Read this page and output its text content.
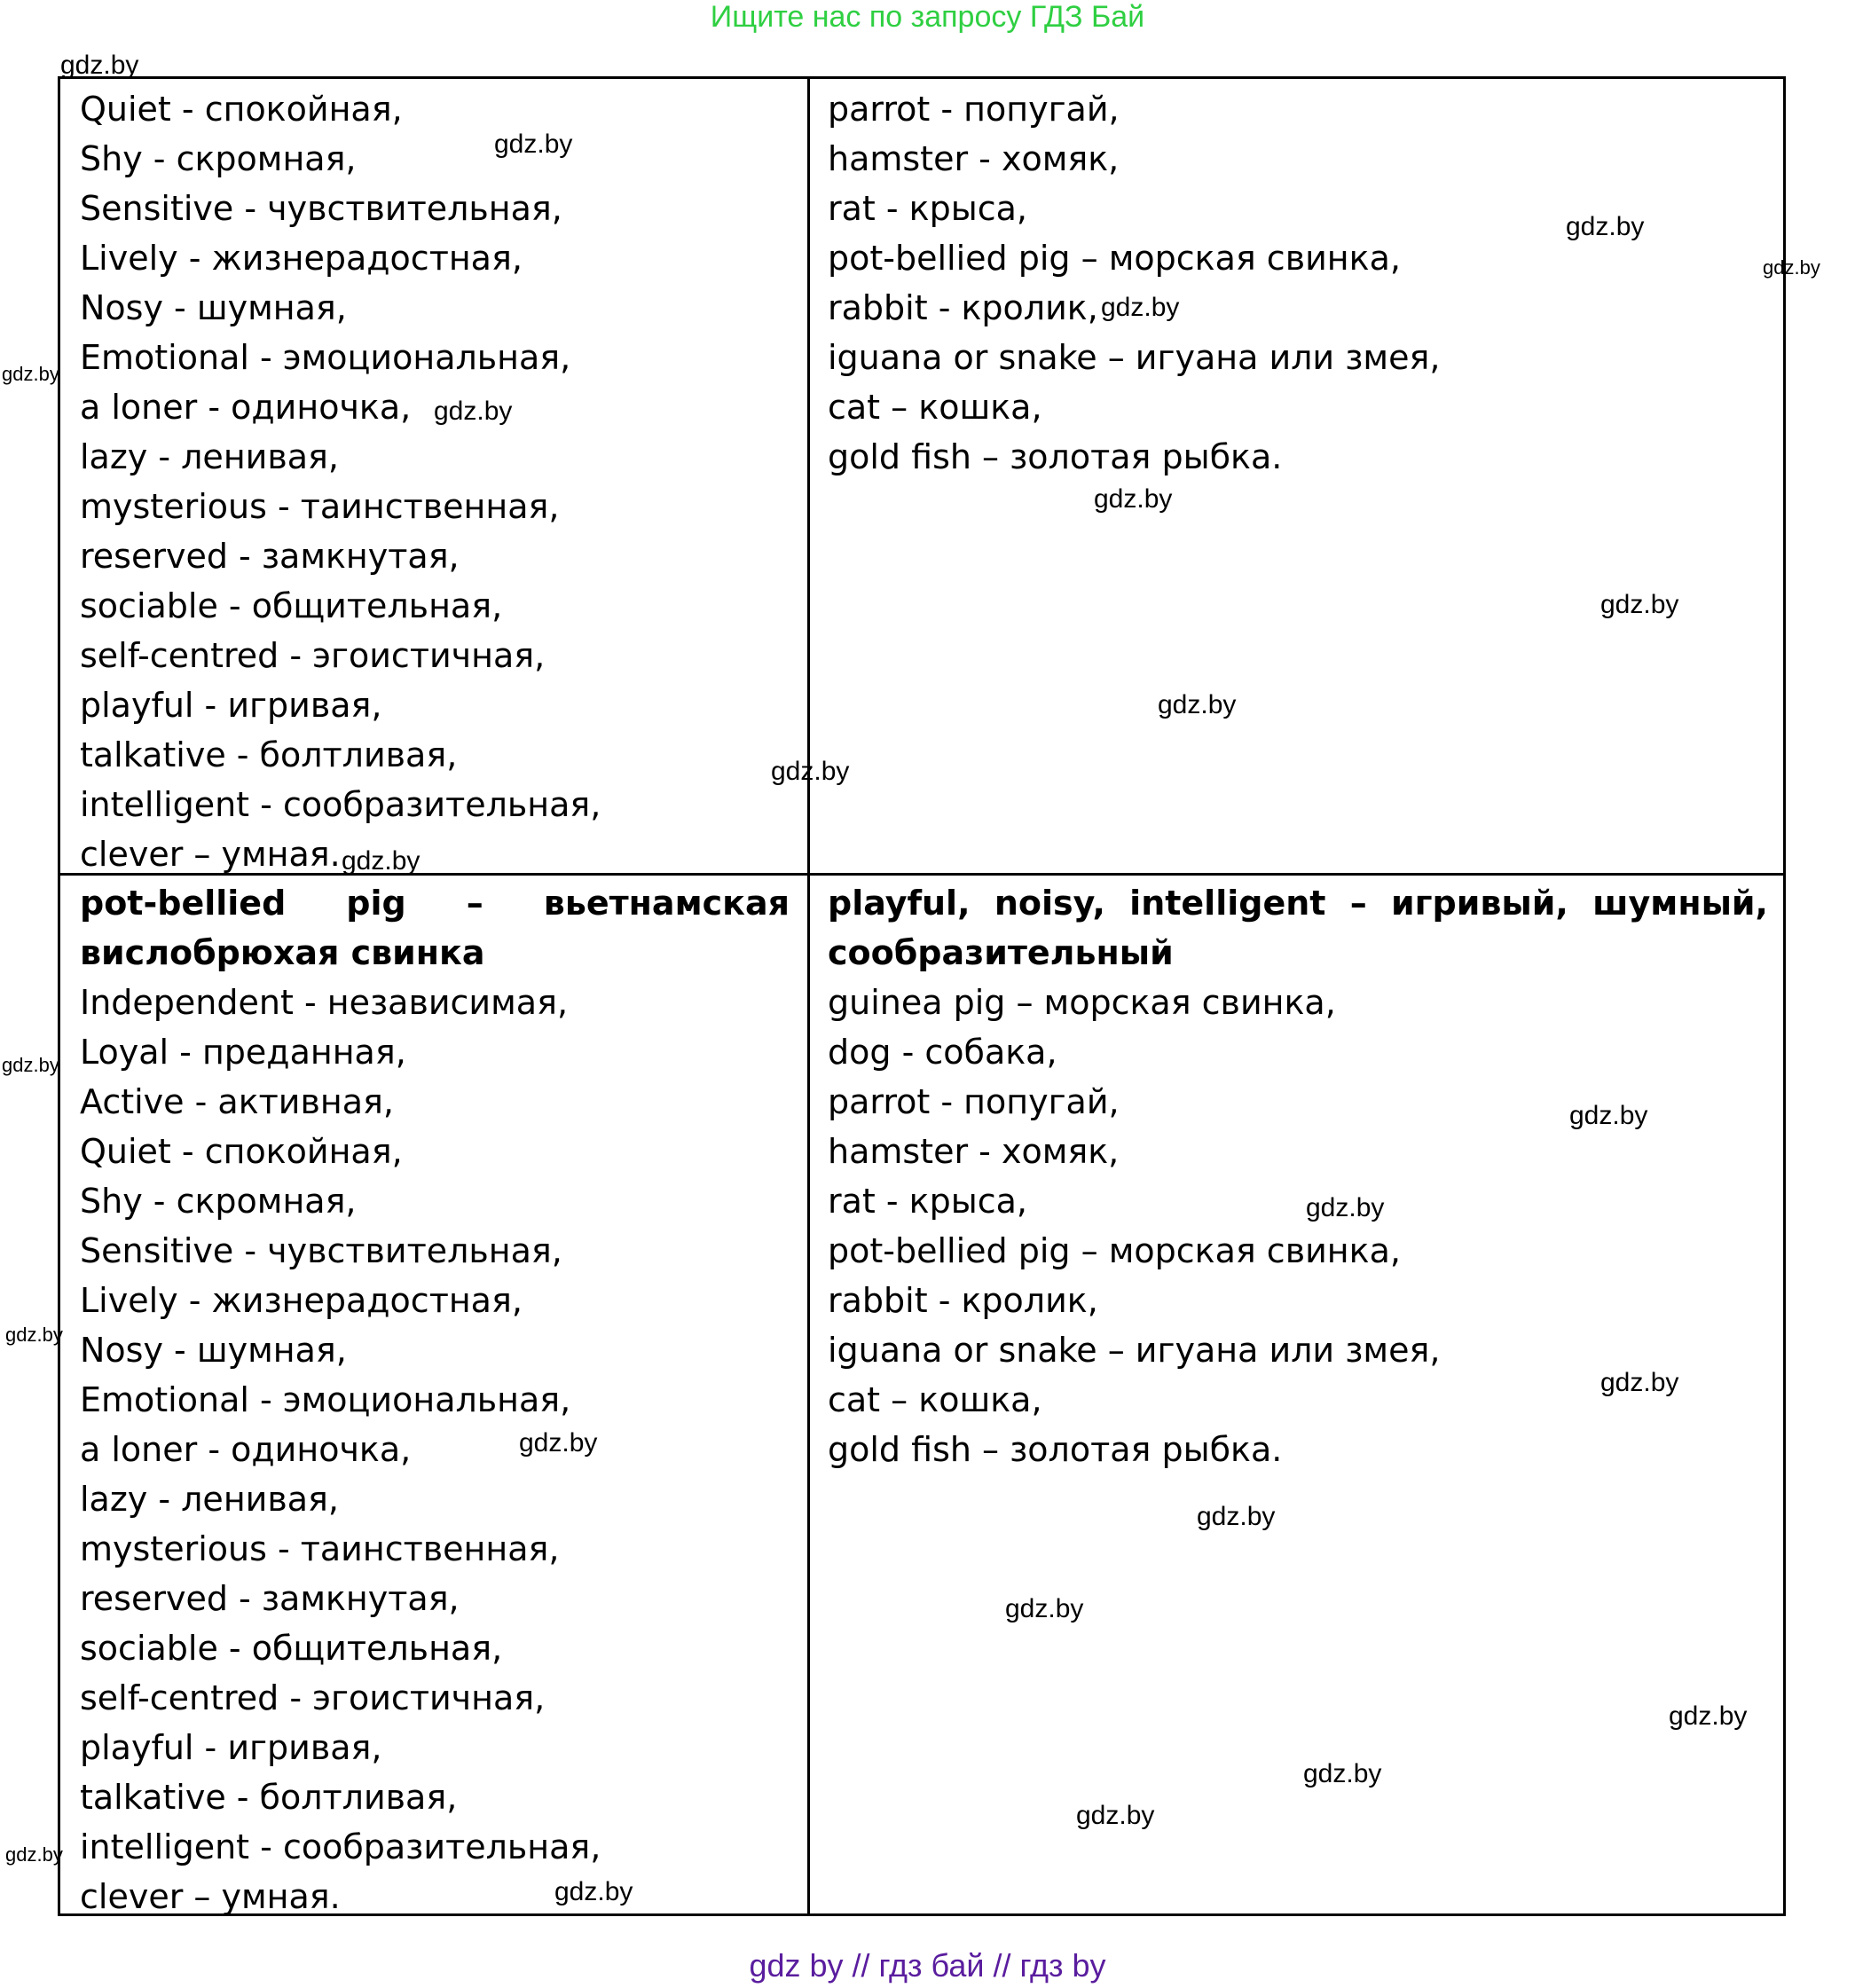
Ищите нас по запросу ГДЗ Бай
Quiet - спокойная,
Shy - скромная,
Sensitive - чувствительная,
Lively - жизнерадостная,
Nosy - шумная,
Emotional - эмоциональная,
a loner - одиночка,
lazy - ленивая,
mysterious - таинственная,
reserved - замкнутая,
sociable - общительная,
self-centred - эгоистичная,
playful - игривая,
talkative - болтливая,
intelligent - сообразительная,
clever – умная.
parrot - попугай,
hamster - хомяк,
rat - крыса,
pot-bellied pig – морская свинка,
rabbit - кролик,
iguana or snake – игуана или змея,
cat – кошка,
gold fish – золотая рыбка.
pot-bellied pig – вьетнамская вислобрюхая свинка
Independent - независимая,
Loyal - преданная,
Active - активная,
Quiet - спокойная,
Shy - скромная,
Sensitive - чувствительная,
Lively - жизнерадостная,
Nosy - шумная,
Emotional - эмоциональная,
a loner - одиночка,
lazy - ленивая,
mysterious - таинственная,
reserved - замкнутая,
sociable - общительная,
self-centred - эгоистичная,
playful - игривая,
talkative - болтливая,
intelligent - сообразительная,
clever – умная.
playful, noisy, intelligent – игривый, шумный, сообразительный
guinea pig – морская свинка,
dog - собака,
parrot - попугай,
hamster - хомяк,
rat - крыса,
pot-bellied pig – морская свинка,
rabbit - кролик,
iguana or snake – игуана или змея,
cat – кошка,
gold fish – золотая рыбка.
gdz.by
gdz.by
gdz.by
gdz.by
gdz.by
gdz.by
gdz.by
gdz.by
gdz.by
gdz.by
gdz.by
gdz.by
gdz.by
gdz.by
gdz.by
gdz.by
gdz.by
gdz.by
gdz.by
gdz.by
gdz.by
gdz.by
gdz.by
gdz.by
gdz.by
gdz by // гдз бай // гдз by
